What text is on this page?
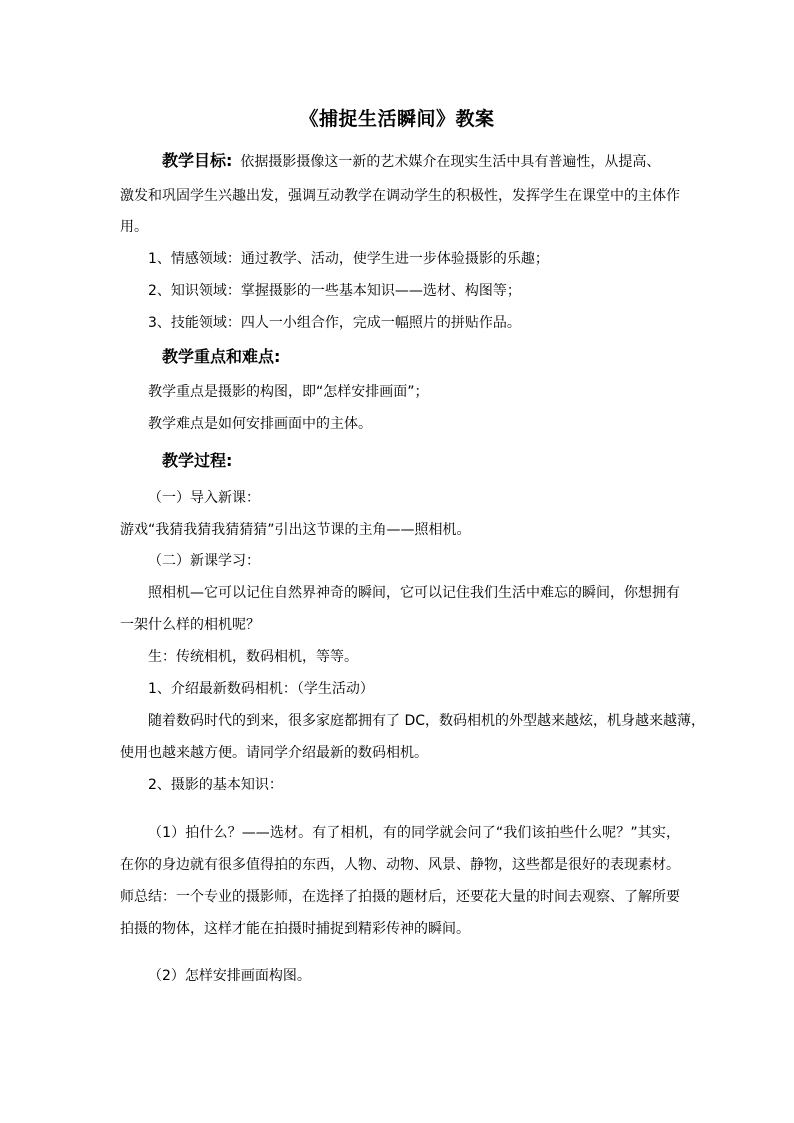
《捕捉生活瞬间》教案
教学目标: 依据摄影摄像这一新的艺术媒介在现实生活中具有普遍性，从提高、
激发和巩固学生兴趣出发，强调互动教学在调动学生的积极性，发挥学生在课堂中的主体作
用。
1、情感领域：通过教学、活动，使学生进一步体验摄影的乐趣；
2、知识领域：掌握摄影的一些基本知识——选材、构图等；
3、技能领域：四人一小组合作，完成一幅照片的拼贴作品。
教学重点和难点:
教学重点是摄影的构图，即“怎样安排画面”；
教学难点是如何安排画面中的主体。
教学过程:
（一）导入新课：
游戏“我猜我猜我猜猜猜”引出这节课的主角——照相机。
（二）新课学习：
照相机—它可以记住自然界神奇的瞬间，它可以记住我们生活中难忘的瞬间，你想拥有
一架什么样的相机呢？
生：传统相机，数码相机，等等。
1、介绍最新数码相机：（学生活动）
随着数码时代的到来，很多家庭都拥有了 DC，数码相机的外型越来越炫，机身越来越薄，
使用也越来越方便。请同学介绍最新的数码相机。
2、摄影的基本知识：
（1）拍什么？——选材。有了相机，有的同学就会问了“我们该拍些什么呢？”其实，
在你的身边就有很多值得拍的东西，人物、动物、风景、静物，这些都是很好的表现素材。
师总结：一个专业的摄影师，在选择了拍摄的题材后，还要花大量的时间去观察、了解所要
拍摄的物体，这样才能在拍摄时捕捉到精彩传神的瞬间。
（2）怎样安排画面构图。
